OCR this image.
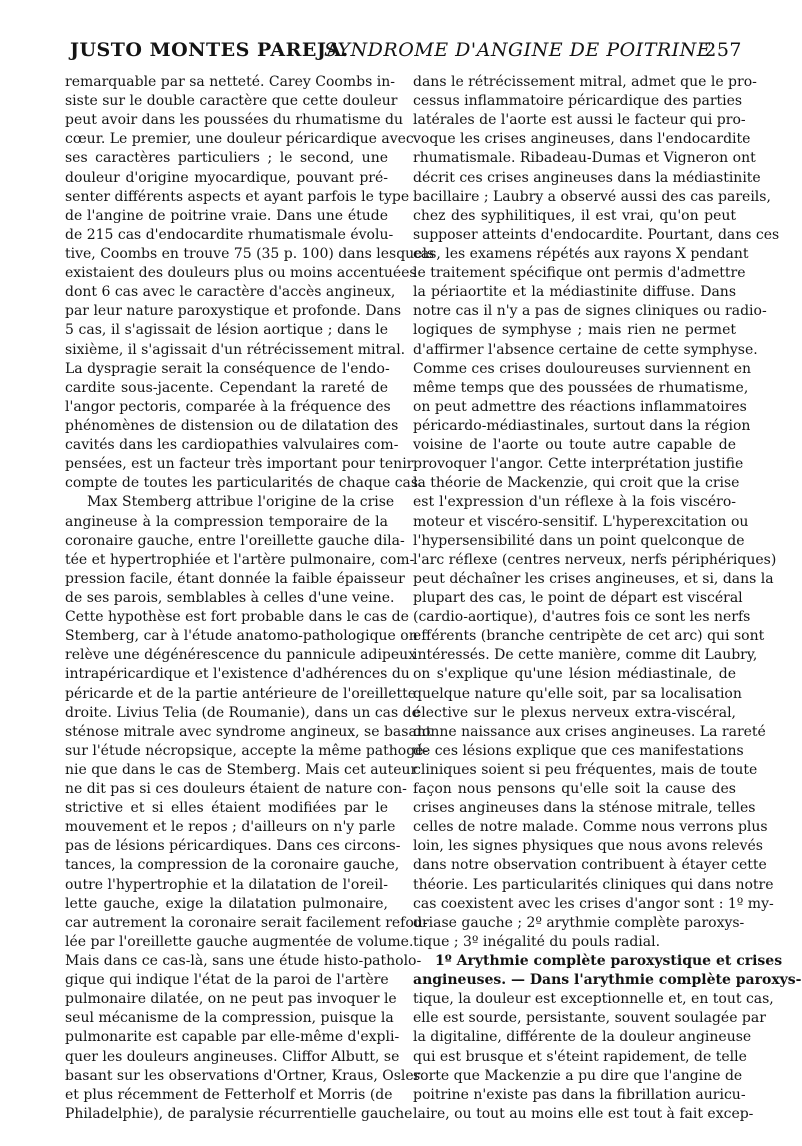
JUSTO MONTES PAREJA.
SYNDROME D'ANGINE DE POITRINE
257
remarquable par sa netteté. Carey Coombs in-
siste sur le double caractère que cette douleur
peut avoir dans les poussées du rhumatisme du
cœur. Le premier, une douleur péricardique avec
ses caractères particuliers ; le second, une
douleur d'origine myocardique, pouvant pré-
senter différents aspects et ayant parfois le type
de l'angine de poitrine vraie. Dans une étude
de 215 cas d'endocardite rhumatismale évolu-
tive, Coombs en trouve 75 (35 p. 100) dans lesquels
existaient des douleurs plus ou moins accentuées
dont 6 cas avec le caractère d'accès angineux,
par leur nature paroxystique et profonde. Dans
5 cas, il s'agissait de lésion aortique ; dans le
sixième, il s'agissait d'un rétrécissement mitral.
La dyspragie serait la conséquence de l'endo-
cardite sous-jacente. Cependant la rareté de
l'angor pectoris, comparée à la fréquence des
phénomènes de distension ou de dilatation des
cavités dans les cardiopathies valvulaires com-
pensées, est un facteur très important pour tenir
compte de toutes les particularités de chaque cas.
Max Stemberg attribue l'origine de la crise
angineuse à la compression temporaire de la
coronaire gauche, entre l'oreillette gauche dila-
tée et hypertrophiée et l'artère pulmonaire, com-
pression facile, étant donnée la faible épaisseur
de ses parois, semblables à celles d'une veine.
Cette hypothèse est fort probable dans le cas de
Stemberg, car à l'étude anatomo-pathologique on
relève une dégénérescence du pannicule adipeux
intrapéricardique et l'existence d'adhérences du
péricarde et de la partie antérieure de l'oreillette
droite. Livius Telia (de Roumanie), dans un cas de
sténose mitrale avec syndrome angineux, se basant
sur l'étude nécropsique, accepte la même pathogé-
nie que dans le cas de Stemberg. Mais cet auteur
ne dit pas si ces douleurs étaient de nature con-
strictive et si elles étaient modifiées par le
mouvement et le repos ; d'ailleurs on n'y parle
pas de lésions péricardiques. Dans ces circons-
tances, la compression de la coronaire gauche,
outre l'hypertrophie et la dilatation de l'oreil-
lette gauche, exige la dilatation pulmonaire,
car autrement la coronaire serait facilement refou-
lée par l'oreillette gauche augmentée de volume.
Mais dans ce cas-là, sans une étude histo-patholo-
gique qui indique l'état de la paroi de l'artère
pulmonaire dilatée, on ne peut pas invoquer le
seul mécanisme de la compression, puisque la
pulmonarite est capable par elle-même d'expli-
quer les douleurs angineuses. Cliffor Albutt, se
basant sur les observations d'Ortner, Kraus, Osler
et plus récemment de Fetterholf et Morris (de
Philadelphie), de paralysie récurrentielle gauche
dans le rétrécissement mitral, admet que le pro-
cessus inflammatoire péricardique des parties
latérales de l'aorte est aussi le facteur qui pro-
voque les crises angineuses, dans l'endocardite
rhumatismale. Ribadeau-Dumas et Vigneron ont
décrit ces crises angineuses dans la médiastinite
bacillaire ; Laubry a observé aussi des cas pareils,
chez des syphilitiques, il est vrai, qu'on peut
supposer atteints d'endocardite. Pourtant, dans ces
cas, les examens répétés aux rayons X pendant
le traitement spécifique ont permis d'admettre
la périaortite et la médiastinite diffuse. Dans
notre cas il n'y a pas de signes cliniques ou radio-
logiques de symphyse ; mais rien ne permet
d'affirmer l'absence certaine de cette symphyse.
Comme ces crises douloureuses surviennent en
même temps que des poussées de rhumatisme,
on peut admettre des réactions inflammatoires
péricardo-médiastinales, surtout dans la région
voisine de l'aorte ou toute autre capable de
provoquer l'angor. Cette interprétation justifie
la théorie de Mackenzie, qui croit que la crise
est l'expression d'un réflexe à la fois viscéro-
moteur et viscéro-sensitif. L'hyperexcitation ou
l'hypersensibilité dans un point quelconque de
l'arc réflexe (centres nerveux, nerfs périphériques)
peut déchaîner les crises angineuses, et si, dans la
plupart des cas, le point de départ est viscéral
(cardio-aortique), d'autres fois ce sont les nerfs
efférents (branche centripète de cet arc) qui sont
intéressés. De cette manière, comme dit Laubry,
on s'explique qu'une lésion médiastinale, de
quelque nature qu'elle soit, par sa localisation
élective sur le plexus nerveux extra-viscéral,
donne naissance aux crises angineuses. La rareté
de ces lésions explique que ces manifestations
cliniques soient si peu fréquentes, mais de toute
façon nous pensons qu'elle soit la cause des
crises angineuses dans la sténose mitrale, telles
celles de notre malade. Comme nous verrons plus
loin, les signes physiques que nous avons relevés
dans notre observation contribuent à étayer cette
théorie. Les particularités cliniques qui dans notre
cas coexistent avec les crises d'angor sont : 1º my-
driase gauche ; 2º arythmie complète paroxys-
tique ; 3º inégalité du pouls radial.
1º Arythmie complète paroxystique et crises
angineuses. — Dans l'arythmie complète paroxys-
tique, la douleur est exceptionnelle et, en tout cas,
elle est sourde, persistante, souvent soulagée par
la digitaline, différente de la douleur angineuse
qui est brusque et s'éteint rapidement, de telle
sorte que Mackenzie a pu dire que l'angine de
poitrine n'existe pas dans la fibrillation auricu-
laire, ou tout au moins elle est tout à fait excep-
